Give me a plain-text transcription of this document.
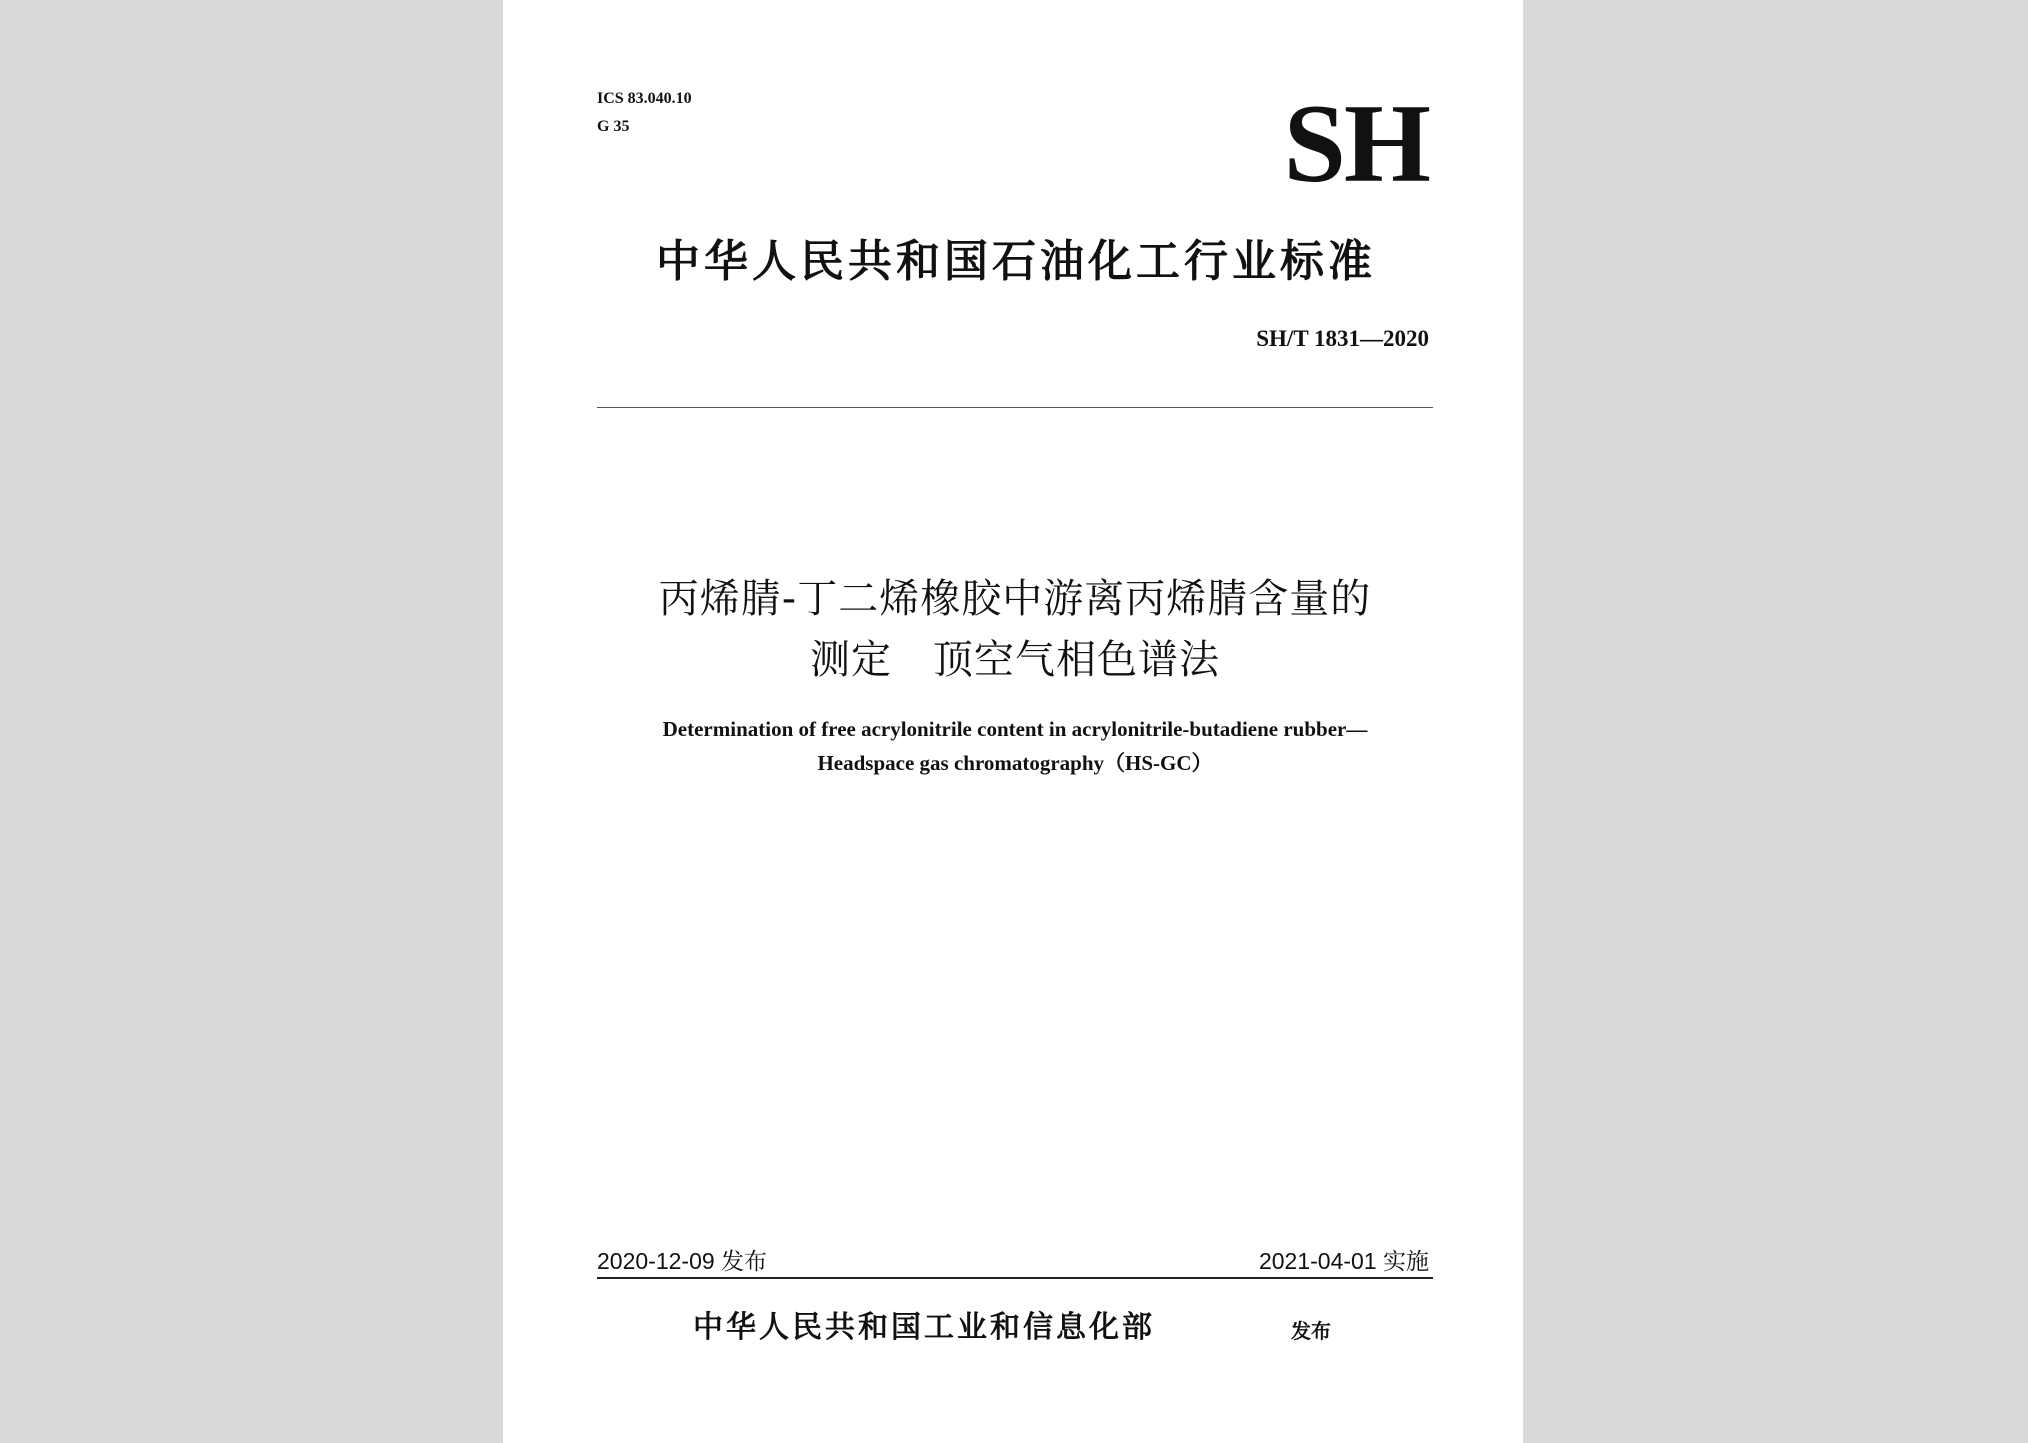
ICS 83.040.10
G 35	SH
中华人民共和国石油化工行业标准
SH/T 1831—2020
丙烯腈-丁二烯橡胶中游离丙烯腈含量的
测定　顶空气相色谱法
Determination of free acrylonitrile content in acrylonitrile-butadiene rubber—
Headspace gas chromatography（HS-GC）
2020-12-09 发布	2021-04-01 实施
中华人民共和国工业和信息化部	发布
